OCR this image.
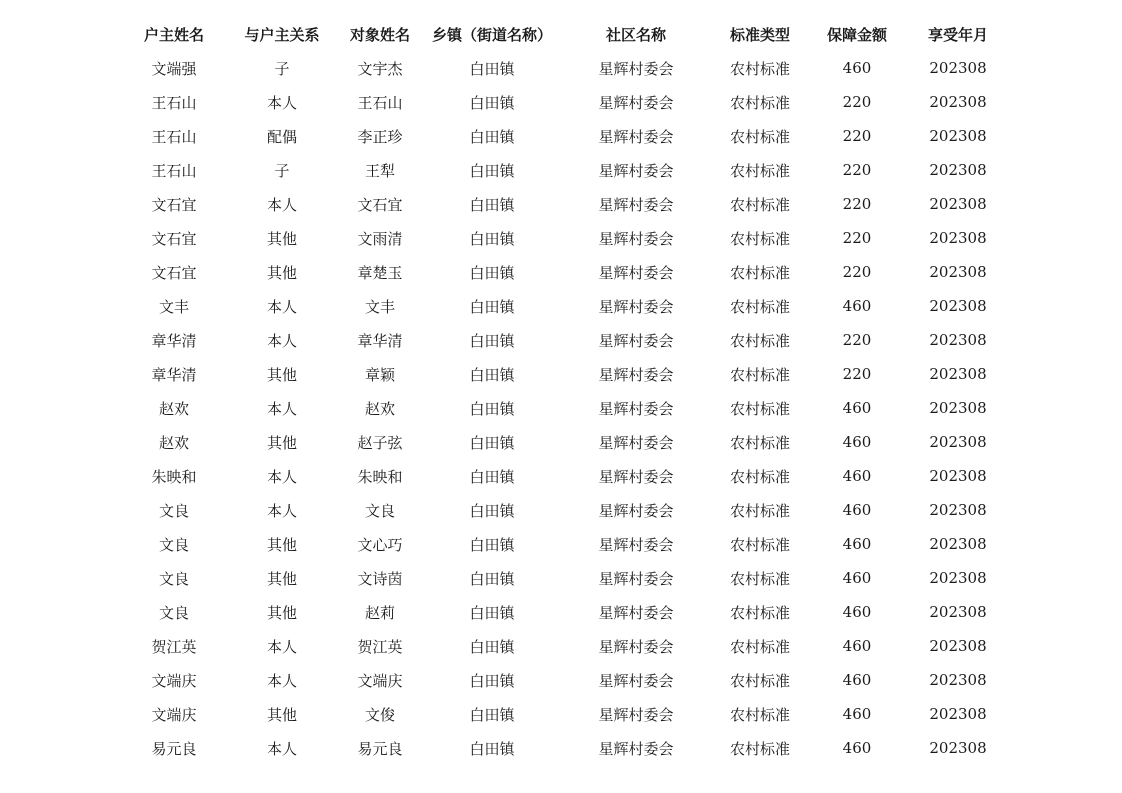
户主姓名	与户主关系	对象姓名	乡镇（街道名称）	社区名称	标准类型	保障金额	享受年月
文端强	子	文宇杰	白田镇	星辉村委会	农村标准	460	202308
王石山	本人	王石山	白田镇	星辉村委会	农村标准	220	202308
王石山	配偶	李正珍	白田镇	星辉村委会	农村标准	220	202308
王石山	子	王犁	白田镇	星辉村委会	农村标准	220	202308
文石宜	本人	文石宜	白田镇	星辉村委会	农村标准	220	202308
文石宜	其他	文雨清	白田镇	星辉村委会	农村标准	220	202308
文石宜	其他	章楚玉	白田镇	星辉村委会	农村标准	220	202308
文丰	本人	文丰	白田镇	星辉村委会	农村标准	460	202308
章华清	本人	章华清	白田镇	星辉村委会	农村标准	220	202308
章华清	其他	章颖	白田镇	星辉村委会	农村标准	220	202308
赵欢	本人	赵欢	白田镇	星辉村委会	农村标准	460	202308
赵欢	其他	赵子弦	白田镇	星辉村委会	农村标准	460	202308
朱映和	本人	朱映和	白田镇	星辉村委会	农村标准	460	202308
文良	本人	文良	白田镇	星辉村委会	农村标准	460	202308
文良	其他	文心巧	白田镇	星辉村委会	农村标准	460	202308
文良	其他	文诗茵	白田镇	星辉村委会	农村标准	460	202308
文良	其他	赵莉	白田镇	星辉村委会	农村标准	460	202308
贺江英	本人	贺江英	白田镇	星辉村委会	农村标准	460	202308
文端庆	本人	文端庆	白田镇	星辉村委会	农村标准	460	202308
文端庆	其他	文俊	白田镇	星辉村委会	农村标准	460	202308
易元良	本人	易元良	白田镇	星辉村委会	农村标准	460	202308
